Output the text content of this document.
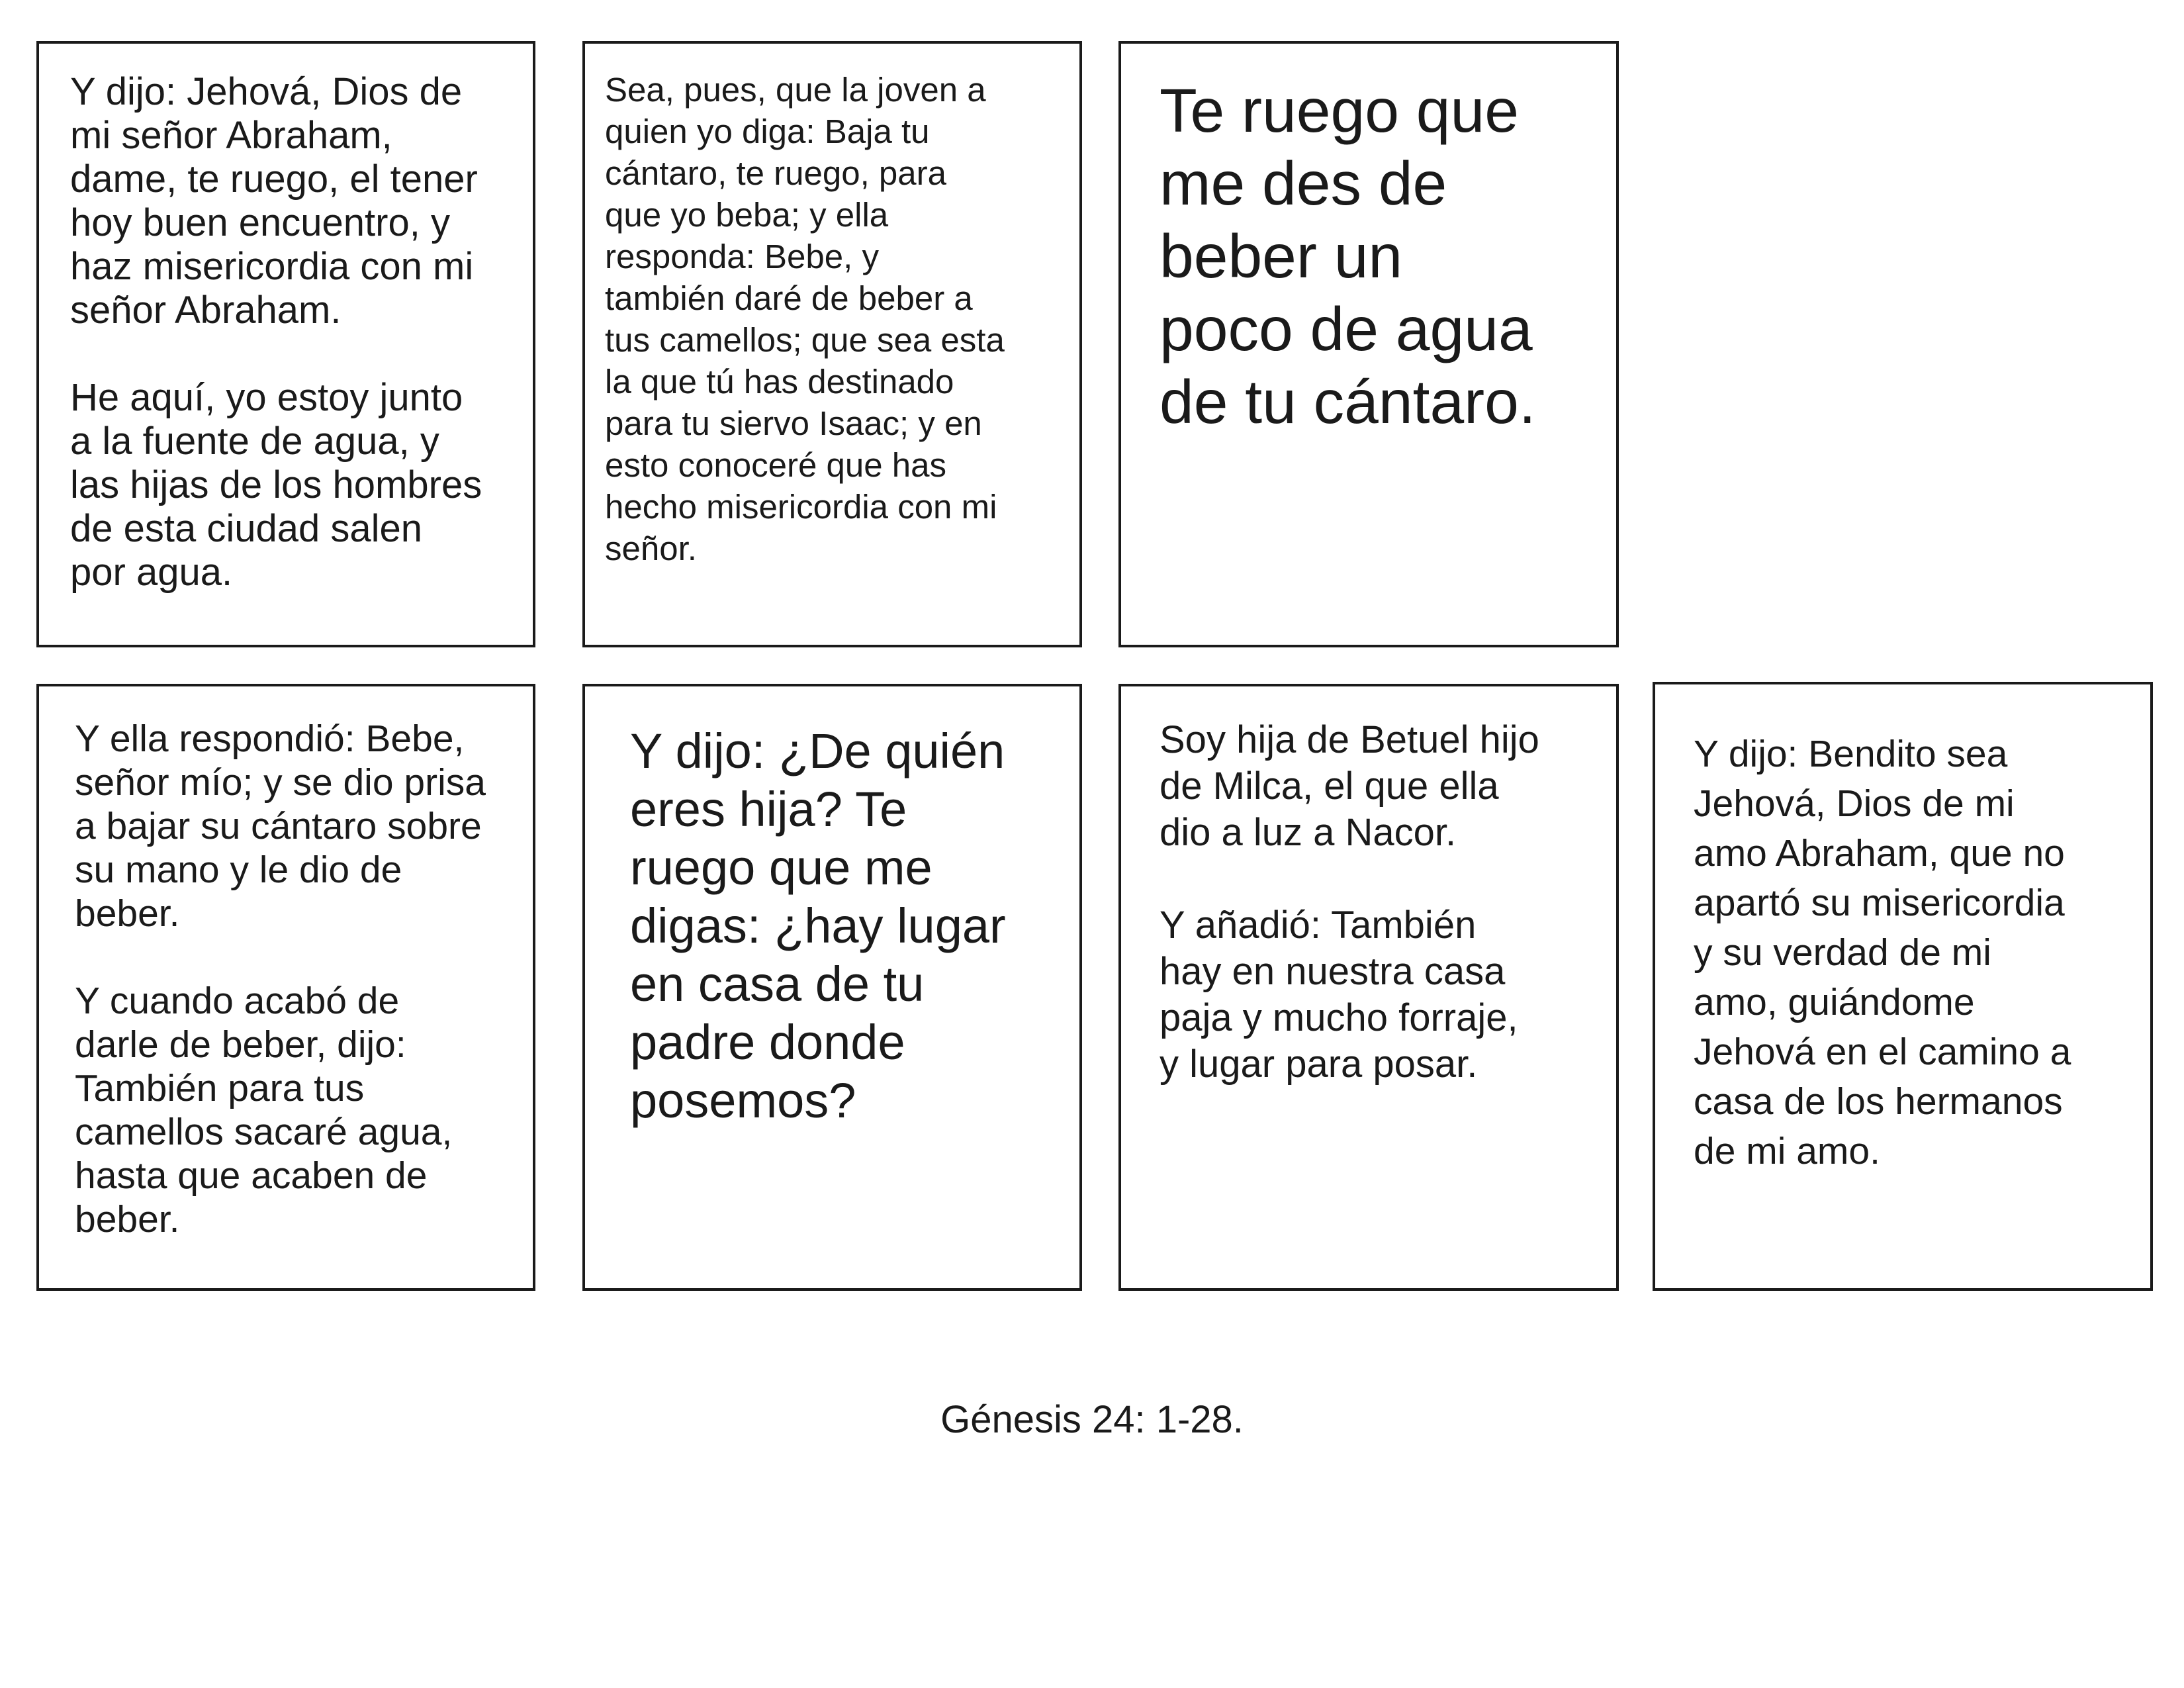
Y dijo: Jehová, Dios de
mi señor Abraham,
dame, te ruego, el tener
hoy buen encuentro, y
haz misericordia con mi
señor Abraham.

He aquí, yo estoy junto
a la fuente de agua, y
las hijas de los hombres
de esta ciudad salen
por agua.

Sea, pues, que la joven a
quien yo diga: Baja tu
cántaro, te ruego, para
que yo beba; y ella
responda: Bebe, y
también daré de beber a
tus camellos; que sea esta
la que tú has destinado
para tu siervo Isaac; y en
esto conoceré que has
hecho misericordia con mi
señor.

Te ruego que
me des de
beber un
poco de agua
de tu cántaro.

Y ella respondió: Bebe,
señor mío; y se dio prisa
a bajar su cántaro sobre
su mano y le dio de
beber.

Y cuando acabó de
darle de beber, dijo:
También para tus
camellos sacaré agua,
hasta que acaben de
beber.

Y dijo: ¿De quién
eres hija? Te
ruego que me
digas: ¿hay lugar
en casa de tu
padre donde
posemos?

Soy hija de Betuel hijo
de Milca, el que ella
dio a luz a Nacor.

Y añadió: También
hay en nuestra casa
paja y mucho forraje,
y lugar para posar.

Y dijo: Bendito sea
Jehová, Dios de mi
amo Abraham, que no
apartó su misericordia
y su verdad de mi
amo, guiándome
Jehová en el camino a
casa de los hermanos
de mi amo.

Génesis 24: 1-28.
